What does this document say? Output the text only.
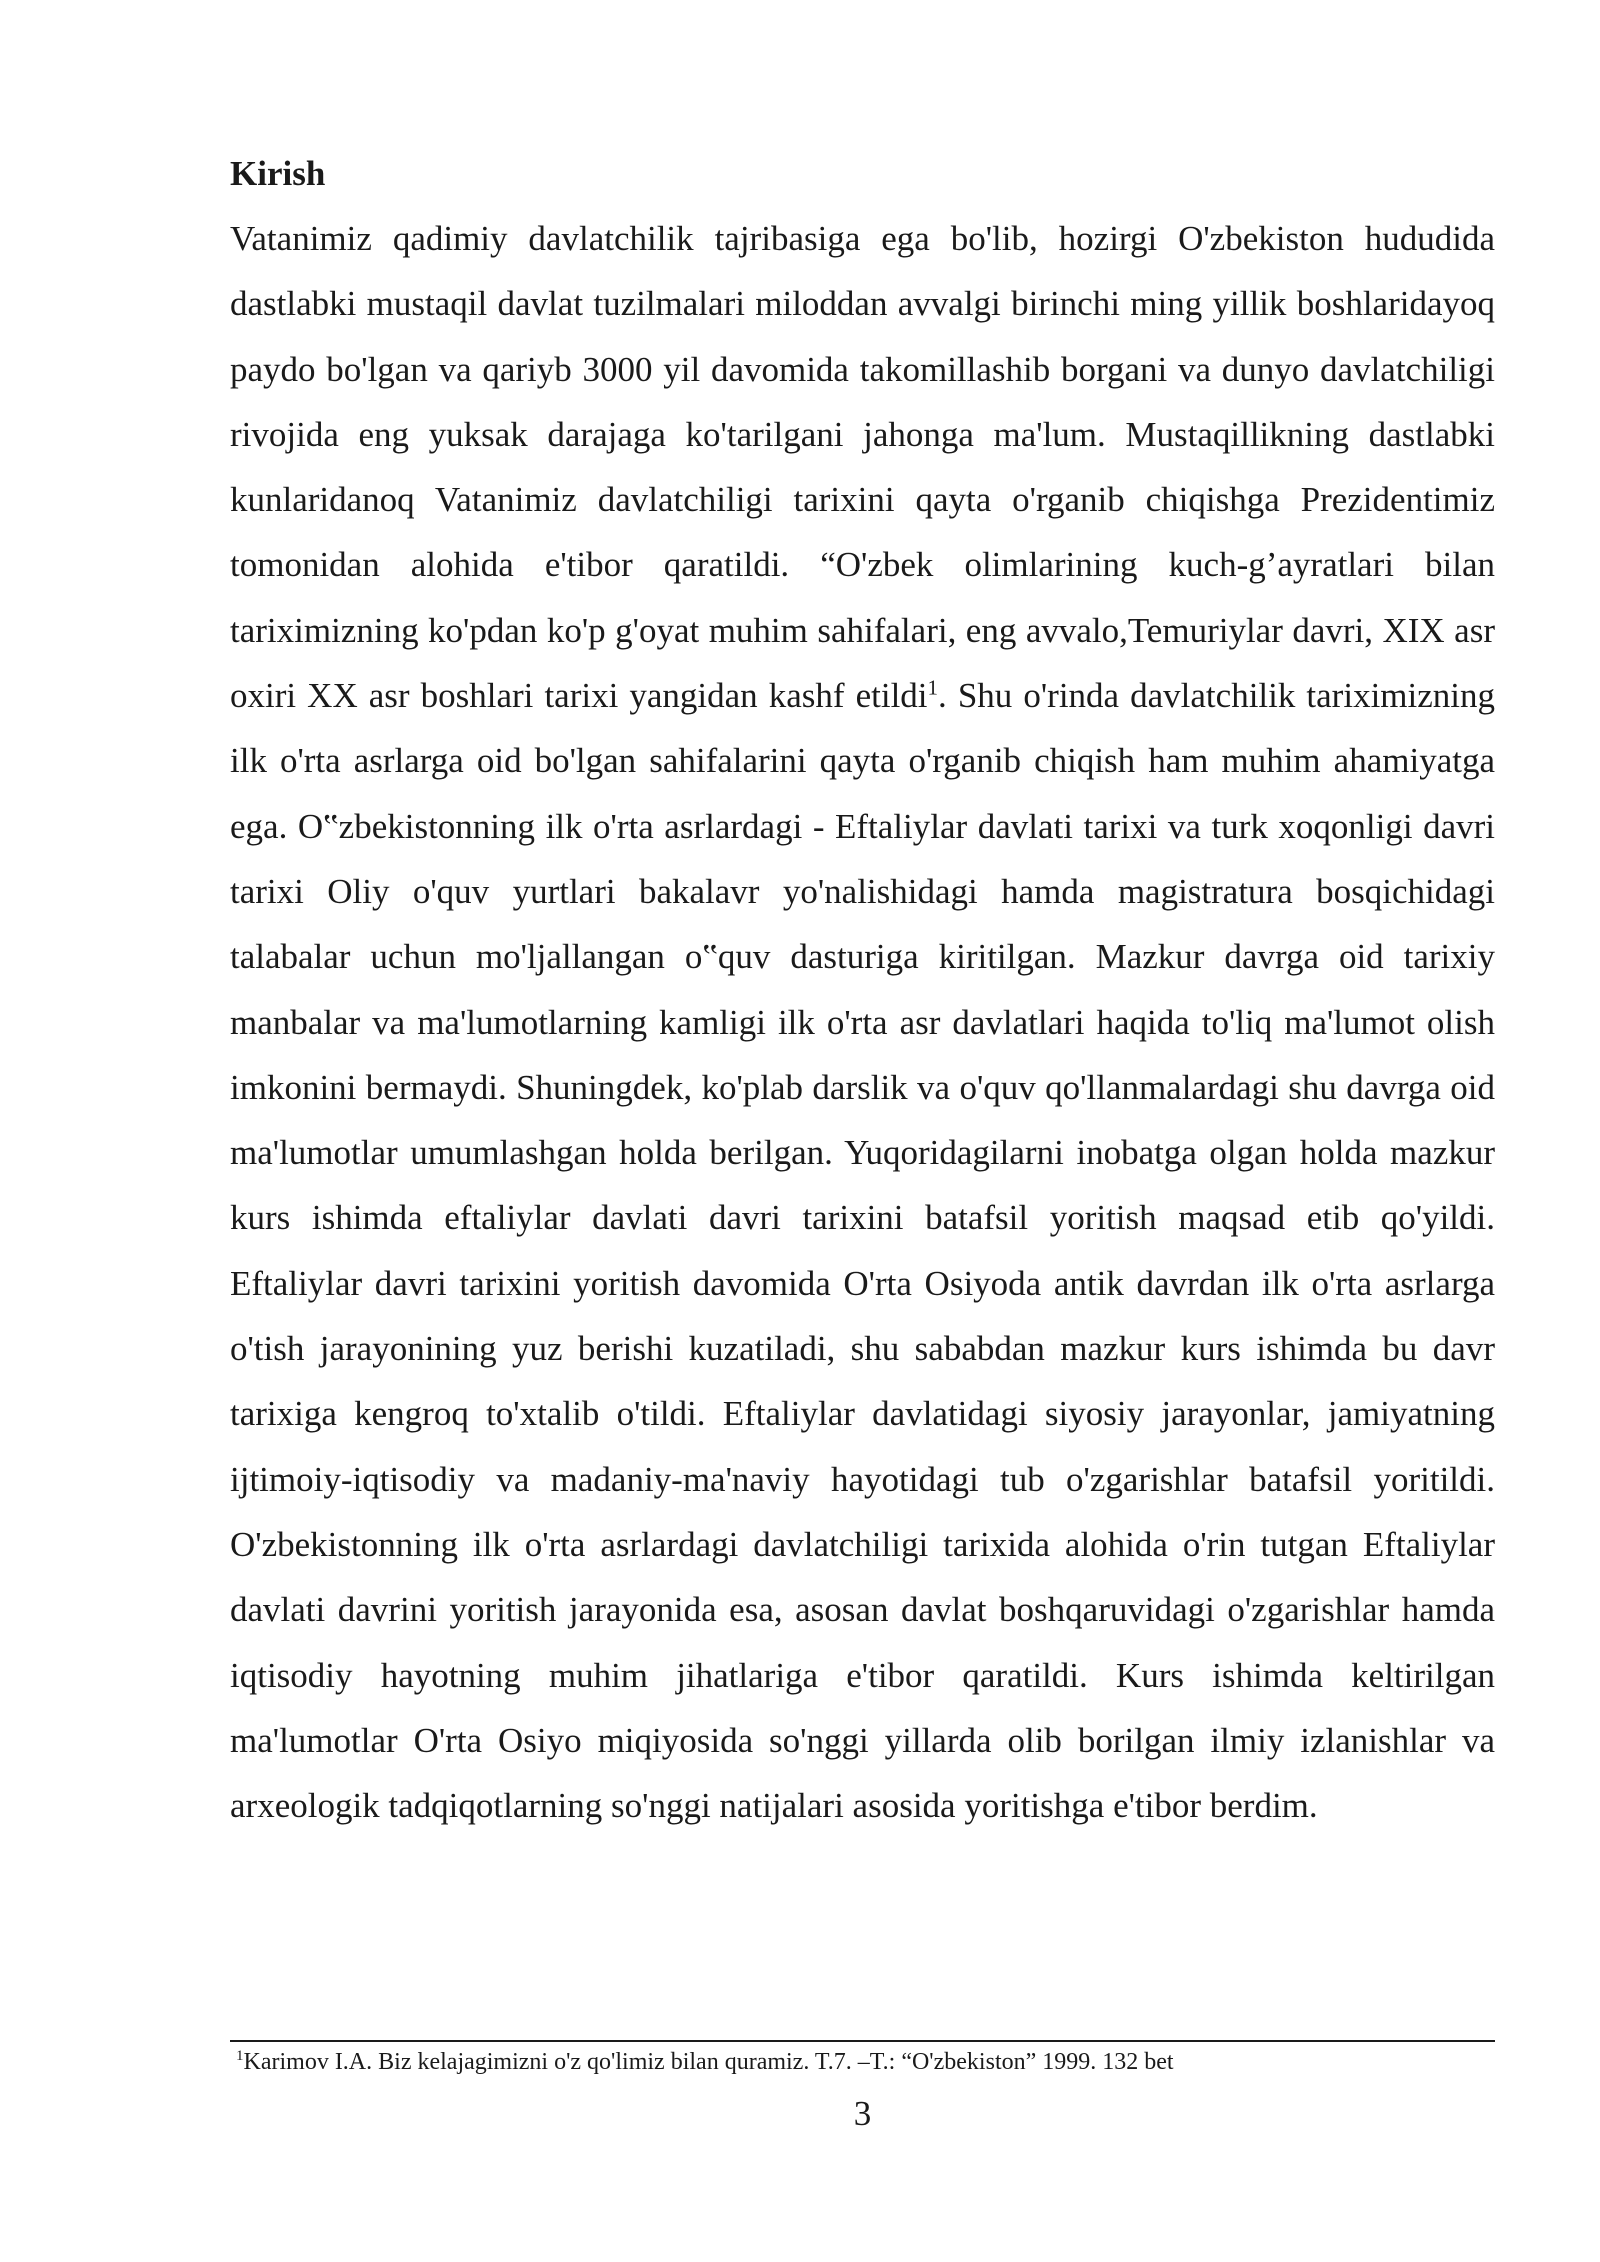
Kirish

Vatanimiz qadimiy davlatchilik tajribasiga ega bo'lib, hozirgi O'zbekiston hududida dastlabki mustaqil davlat tuzilmalari miloddan avvalgi birinchi ming yillik boshlaridayoq paydo bo'lgan va qariyb 3000 yil davomida takomillashib borgani va dunyo davlatchiligi rivojida eng yuksak darajaga ko'tarilgani jahonga ma'lum. Mustaqillikning dastlabki kunlaridanoq Vatanimiz davlatchiligi tarixini qayta o'rganib chiqishga Prezidentimiz tomonidan alohida e'tibor qaratildi. “O'zbek olimlarining kuch-g’ayratlari bilan tariximizning ko'pdan ko'p g'oyat muhim sahifalari, eng avvalo,Temuriylar davri, XIX asr oxiri XX asr boshlari tarixi yangidan kashf etildi$^1$. Shu o'rinda davlatchilik tariximizning ilk o'rta asrlarga oid bo'lgan sahifalarini qayta o'rganib chiqish ham muhim ahamiyatga ega. O‟zbekistonning ilk o'rta asrlardagi - Eftaliylar davlati tarixi va turk xoqonligi davri tarixi Oliy o'quv yurtlari bakalavr yo'nalishidagi hamda magistratura bosqichidagi talabalar uchun mo'ljallangan o‟quv dasturiga kiritilgan. Mazkur davrga oid tarixiy manbalar va ma'lumotlarning kamligi ilk o'rta asr davlatlari haqida to'liq ma'lumot olish imkonini bermaydi. Shuningdek, ko'plab darslik va o'quv qo'llanmalardagi shu davrga oid ma'lumotlar umumlashgan holda berilgan. Yuqoridagilarni inobatga olgan holda mazkur kurs ishimda eftaliylar davlati davri tarixini batafsil yoritish maqsad etib qo'yildi. Eftaliylar davri tarixini yoritish davomida O'rta Osiyoda antik davrdan ilk o'rta asrlarga o'tish jarayonining yuz berishi kuzatiladi, shu sababdan mazkur kurs ishimda bu davr tarixiga kengroq to'xtalib o'tildi. Eftaliylar davlatidagi siyosiy jarayonlar, jamiyatning ijtimoiy-iqtisodiy va madaniy-ma'naviy hayotidagi tub o'zgarishlar batafsil yoritildi. O'zbekistonning ilk o'rta asrlardagi davlatchiligi tarixida alohida o'rin tutgan Eftaliylar davlati davrini yoritish jarayonida esa, asosan davlat boshqaruvidagi o'zgarishlar hamda iqtisodiy hayotning muhim jihatlariga e'tibor qaratildi. Kurs ishimda keltirilgan ma'lumotlar O'rta Osiyo miqiyosida so'nggi yillarda olib borilgan ilmiy izlanishlar va arxeologik tadqiqotlarning so'nggi natijalari asosida yoritishga e'tibor berdim.

$^1$Karimov I.A. Biz kelajagimizni o'z qo'limiz bilan quramiz. T.7. –T.: “O'zbekiston” 1999. 132 bet
3
